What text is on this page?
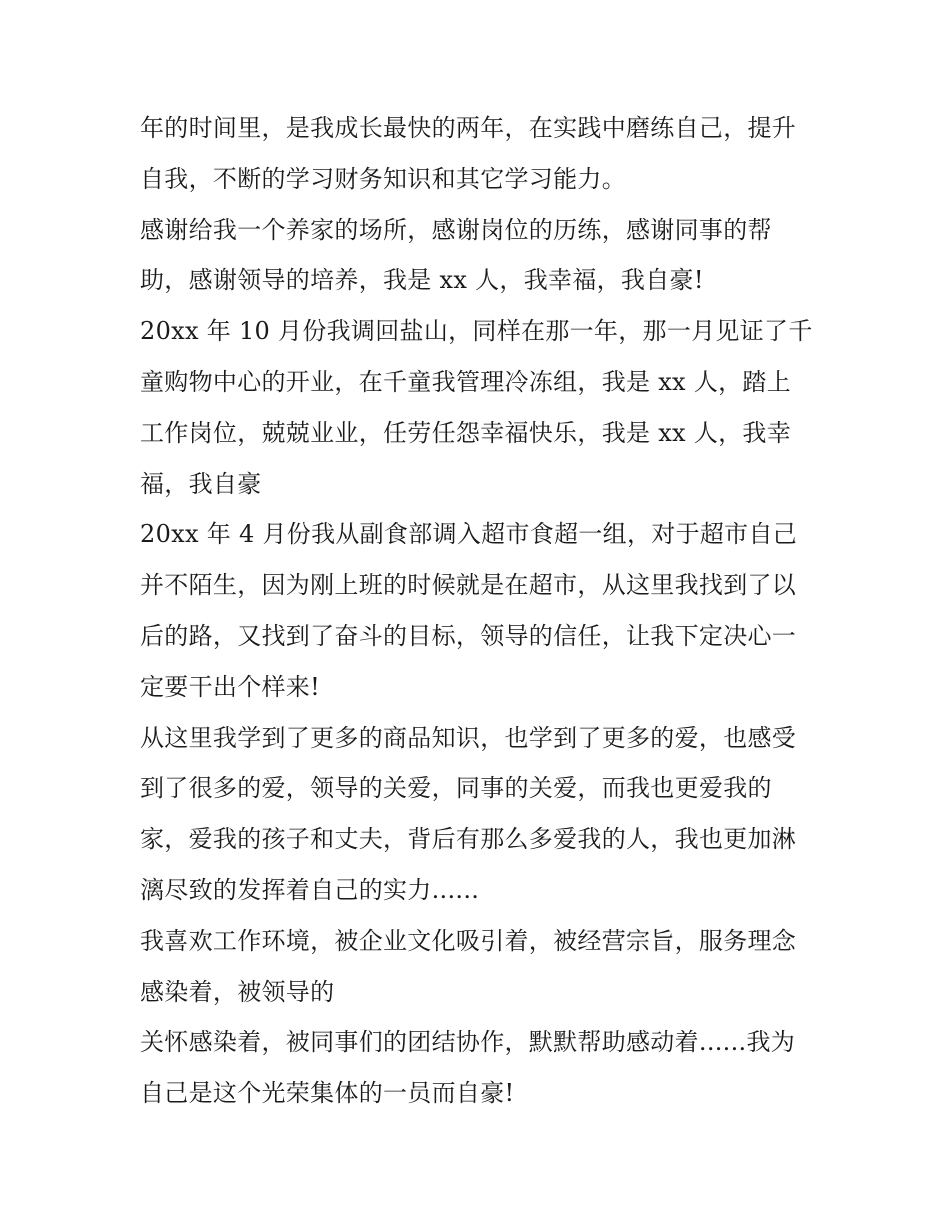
年的时间里，是我成长最快的两年，在实践中磨练自己，提升
自我，不断的学习财务知识和其它学习能力。
感谢给我一个养家的场所，感谢岗位的历练，感谢同事的帮
助，感谢领导的培养，我是 xx 人，我幸福，我自豪!
20xx 年 10 月份我调回盐山，同样在那一年，那一月见证了千
童购物中心的开业，在千童我管理冷冻组，我是 xx 人，踏上
工作岗位，兢兢业业，任劳任怨幸福快乐，我是 xx 人，我幸
福，我自豪
20xx 年 4 月份我从副食部调入超市食超一组，对于超市自己
并不陌生，因为刚上班的时候就是在超市，从这里我找到了以
后的路，又找到了奋斗的目标，领导的信任，让我下定决心一
定要干出个样来!
从这里我学到了更多的商品知识，也学到了更多的爱，也感受
到了很多的爱，领导的关爱，同事的关爱，而我也更爱我的
家，爱我的孩子和丈夫，背后有那么多爱我的人，我也更加淋
漓尽致的发挥着自己的实力......
我喜欢工作环境，被企业文化吸引着，被经营宗旨，服务理念
感染着，被领导的
关怀感染着，被同事们的团结协作，默默帮助感动着......我为
自己是这个光荣集体的一员而自豪!
